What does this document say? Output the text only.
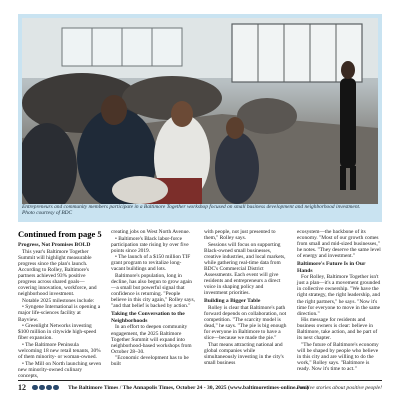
Entrepreneurs and community members participate in a Baltimore Together workshop focused on small business development and neighborhood investment.
Photo courtesy of BDC
Continued from page 5
Progress, Not Promises BOLD

This year's Baltimore Together Summit will highlight measurable progress since the plan's launch. According to Rolley, Baltimore's partners achieved 93% positive progress across shared goals—covering innovation, workforce, and neighborhood investment.

Notable 2025 milestones include:

• Syngene International is opening a major life-sciences facility at Bayview.

• Greenlight Networks investing $100 million in citywide high-speed fiber expansion.

• The Baltimore Peninsula welcoming 18 new retail tenants, 30% of them minority- or woman-owned.

• The Mill on North launching seven new minority-owned culinary concepts,

creating jobs on West North Avenue.

• Baltimore's Black labor-force participation rate rising by over five points since 2019.

• The launch of a $150 million TIF grant program to revitalize long-vacant buildings and lots.

Baltimore's population, long in decline, has also begun to grow again—a small but powerful signal that confidence is returning. "People believe in this city again," Rolley says, "and that belief is backed by action."

Taking the Conversation to the Neighborhoods

In an effort to deepen community engagement, the 2025 Baltimore Together Summit will expand into neighborhood-based workshops from October 28–30.

"Economic development has to be built

with people, not just presented to them," Rolley says.

Sessions will focus on supporting Black-owned small businesses, creative industries, and local markets, while gathering real-time data from BDC's Commercial District Assessments. Each event will give residents and entrepreneurs a direct voice in shaping policy and investment priorities.

Building a Bigger Table

Rolley is clear that Baltimore's path forward depends on collaboration, not competition. "The scarcity model is dead," he says. "The pie is big enough for everyone in Baltimore to have a slice—because we made the pie."

That means attracting national and global companies while simultaneously investing in the city's small business

ecosystem—the backbone of its economy. "Most of our growth comes from small and mid-sized businesses," he notes. "They deserve the same level of energy and investment."

Baltimore's Future Is in Our Hands

For Rolley, Baltimore Together isn't just a plan—it's a movement grounded in collective ownership. "We have the right strategy, the right leadership, and the right partners," he says. "Now it's time for everyone to move in the same direction."

His message for residents and business owners is clear: believe in Baltimore, take action, and be part of its next chapter.

"The future of Baltimore's economy will be shaped by people who believe in this city and are willing to do the work," Rolley says. "Baltimore is ready. Now it's time to act."

12	The Baltimore Times / The Annapolis Times, October 24 - 30, 2025 (www.baltimoretimes-online.com)
Positive stories about positive people!
